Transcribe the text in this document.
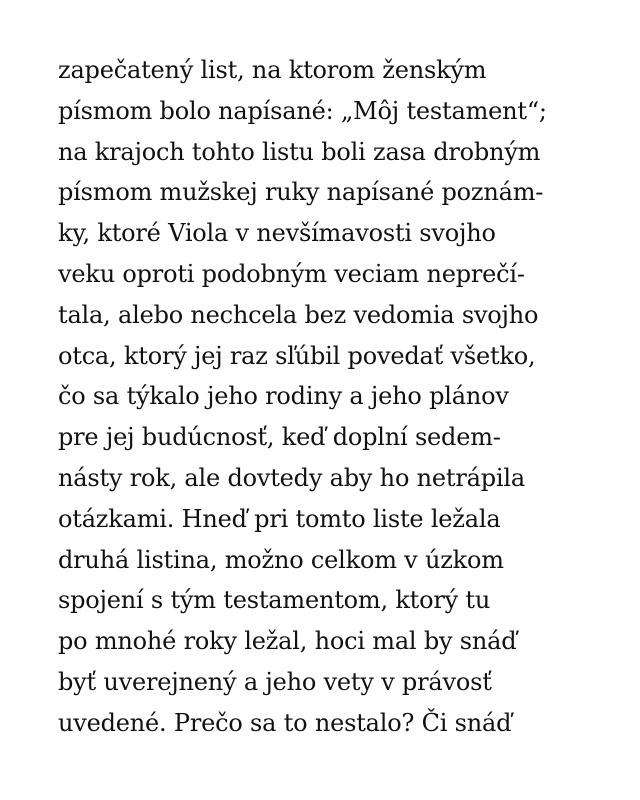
zapečatený list, na ktorom ženským
písmom bolo napísané: „Môj testament“;
na krajoch tohto listu boli zasa drobným
písmom mužskej ruky napísané poznám-
ky, ktoré Viola v nevšímavosti svojho
veku oproti podobným veciam neprečí-
tala, alebo nechcela bez vedomia svojho
otca, ktorý jej raz sľúbil povedať všetko,
čo sa týkalo jeho rodiny a jeho plánov
pre jej budúcnosť, keď doplní sedem-
násty rok, ale dovtedy aby ho netrápila
otázkami. Hneď pri tomto liste ležala
druhá listina, možno celkom v úzkom
spojení s tým testamentom, ktorý tu
po mnohé roky ležal, hoci mal by snáď
byť uverejnený a jeho vety v právosť
uvedené. Prečo sa to nestalo? Či snáď
